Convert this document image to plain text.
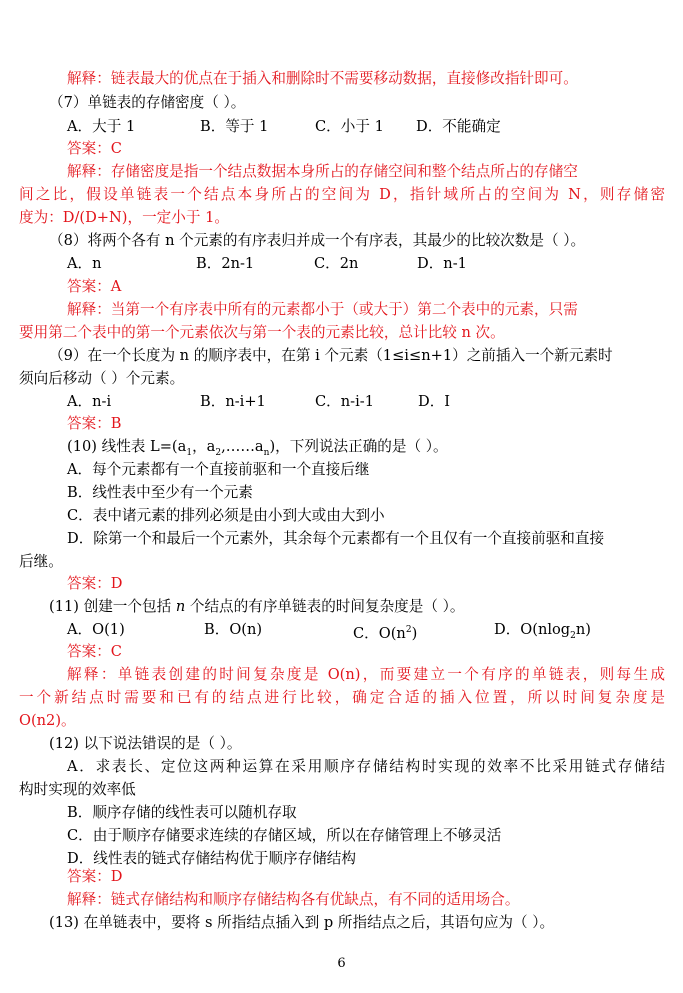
解释：链表最大的优点在于插入和删除时不需要移动数据，直接修改指针即可。
（7）单链表的存储密度（ ）。
A．大于 1	B．等于 1	C．小于 1 D．不能确定
答案：C
解释：存储密度是指一个结点数据本身所占的存储空间和整个结点所占的存储空
间之比，假设单链表一个结点本身所占的空间为 D，指针域所占的空间为 N，则存储密
度为：D/(D+N)，一定小于 1。
（8）将两个各有 n 个元素的有序表归并成一个有序表，其最少的比较次数是（ ）。
A．n	B．2n-1	C．2n	D．n-1
答案：A
解释：当第一个有序表中所有的元素都小于（或大于）第二个表中的元素，只需
要用第二个表中的第一个元素依次与第一个表的元素比较，总计比较 n 次。
（9）在一个长度为 n 的顺序表中，在第 i 个元素（1≤i≤n+1）之前插入一个新元素时
须向后移动（ ）个元素。
A．n-i	B．n-i+1	C．n-i-1	D．I
答案：B
(10) 线性表 $L=(a_1$，$a_2,\dots\dots a_n$)，下列说法正确的是（ ）。
A．每个元素都有一个直接前驱和一个直接后继
B．线性表中至少有一个元素
C．表中诸元素的排列必须是由小到大或由大到小
D．除第一个和最后一个元素外，其余每个元素都有一个且仅有一个直接前驱和直接
后继。
答案：D
(11) 创建一个包括 n 个结点的有序单链表的时间复杂度是（ ）。
A．O(1)	B．O(n)	C．$O(n^2)$	D．O(nlog$_2$n)
答案：C
解释：单链表创建的时间复杂度是 O(n)，而要建立一个有序的单链表，则每生成
一个新结点时需要和已有的结点进行比较，确定合适的插入位置，所以时间复杂度是
O(n2)。
(12) 以下说法错误的是（ ）。
A．求表长、定位这两种运算在采用顺序存储结构时实现的效率不比采用链式存储结
构时实现的效率低
B．顺序存储的线性表可以随机存取
C．由于顺序存储要求连续的存储区域，所以在存储管理上不够灵活
D．线性表的链式存储结构优于顺序存储结构
答案：D
解释：链式存储结构和顺序存储结构各有优缺点，有不同的适用场合。
(13) 在单链表中，要将 s 所指结点插入到 p 所指结点之后，其语句应为（ ）。
6
